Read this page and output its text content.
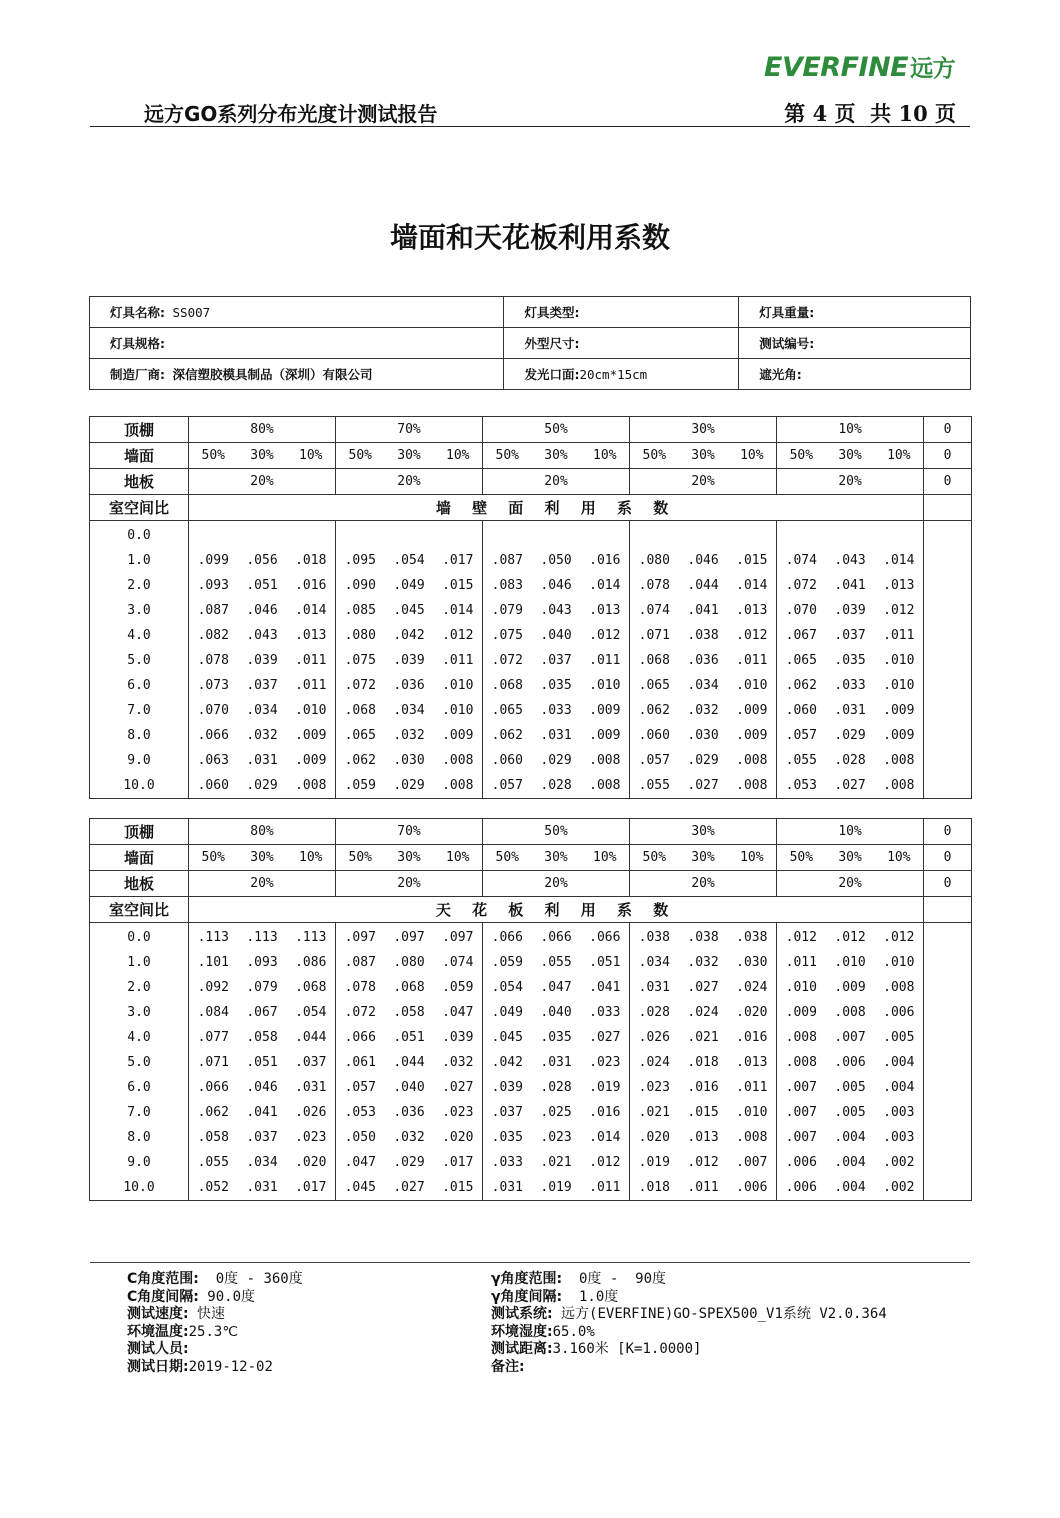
EVERFINE远方
远方GO系列分布光度计测试报告	第 4 页  共 10 页
墙面和天花板利用系数
灯具名称: SS007	灯具类型:	灯具重量:
灯具规格:	外型尺寸:	测试编号:
制造厂商: 深信塑胶模具制品（深圳）有限公司	发光口面:20cm*15cm	遮光角:
顶棚	80%			70%			50%			30%			10%			0
墙面	50%	30%	10%	50%	30%	10%	50%	30%	10%	50%	30%	10%	50%	30%	10%	0
地板	20%			20%			20%			20%			20%			0
室空间比	墙 壁 面 利 用 系 数															
0.0																
1.0	.099	.056	.018	.095	.054	.017	.087	.050	.016	.080	.046	.015	.074	.043	.014	
2.0	.093	.051	.016	.090	.049	.015	.083	.046	.014	.078	.044	.014	.072	.041	.013	
3.0	.087	.046	.014	.085	.045	.014	.079	.043	.013	.074	.041	.013	.070	.039	.012	
4.0	.082	.043	.013	.080	.042	.012	.075	.040	.012	.071	.038	.012	.067	.037	.011	
5.0	.078	.039	.011	.075	.039	.011	.072	.037	.011	.068	.036	.011	.065	.035	.010	
6.0	.073	.037	.011	.072	.036	.010	.068	.035	.010	.065	.034	.010	.062	.033	.010	
7.0	.070	.034	.010	.068	.034	.010	.065	.033	.009	.062	.032	.009	.060	.031	.009	
8.0	.066	.032	.009	.065	.032	.009	.062	.031	.009	.060	.030	.009	.057	.029	.009	
9.0	.063	.031	.009	.062	.030	.008	.060	.029	.008	.057	.029	.008	.055	.028	.008	
10.0	.060	.029	.008	.059	.029	.008	.057	.028	.008	.055	.027	.008	.053	.027	.008	
顶棚	80%			70%			50%			30%			10%			0
墙面	50%	30%	10%	50%	30%	10%	50%	30%	10%	50%	30%	10%	50%	30%	10%	0
地板	20%			20%			20%			20%			20%			0
室空间比	天 花 板 利 用 系 数															
0.0	.113	.113	.113	.097	.097	.097	.066	.066	.066	.038	.038	.038	.012	.012	.012	
1.0	.101	.093	.086	.087	.080	.074	.059	.055	.051	.034	.032	.030	.011	.010	.010	
2.0	.092	.079	.068	.078	.068	.059	.054	.047	.041	.031	.027	.024	.010	.009	.008	
3.0	.084	.067	.054	.072	.058	.047	.049	.040	.033	.028	.024	.020	.009	.008	.006	
4.0	.077	.058	.044	.066	.051	.039	.045	.035	.027	.026	.021	.016	.008	.007	.005	
5.0	.071	.051	.037	.061	.044	.032	.042	.031	.023	.024	.018	.013	.008	.006	.004	
6.0	.066	.046	.031	.057	.040	.027	.039	.028	.019	.023	.016	.011	.007	.005	.004	
7.0	.062	.041	.026	.053	.036	.023	.037	.025	.016	.021	.015	.010	.007	.005	.003	
8.0	.058	.037	.023	.050	.032	.020	.035	.023	.014	.020	.013	.008	.007	.004	.003	
9.0	.055	.034	.020	.047	.029	.017	.033	.021	.012	.019	.012	.007	.006	.004	.002	
10.0	.052	.031	.017	.045	.027	.015	.031	.019	.011	.018	.011	.006	.006	.004	.002	
C角度范围:  0度 - 360度
C角度间隔: 90.0度
测试速度: 快速
环境温度:25.3℃
测试人员:
测试日期:2019-12-02
γ角度范围:  0度 -  90度
γ角度间隔:  1.0度
测试系统: 远方(EVERFINE)GO-SPEX500_V1系统 V2.0.364
环境湿度:65.0%
测试距离:3.160米 [K=1.0000]
备注:
